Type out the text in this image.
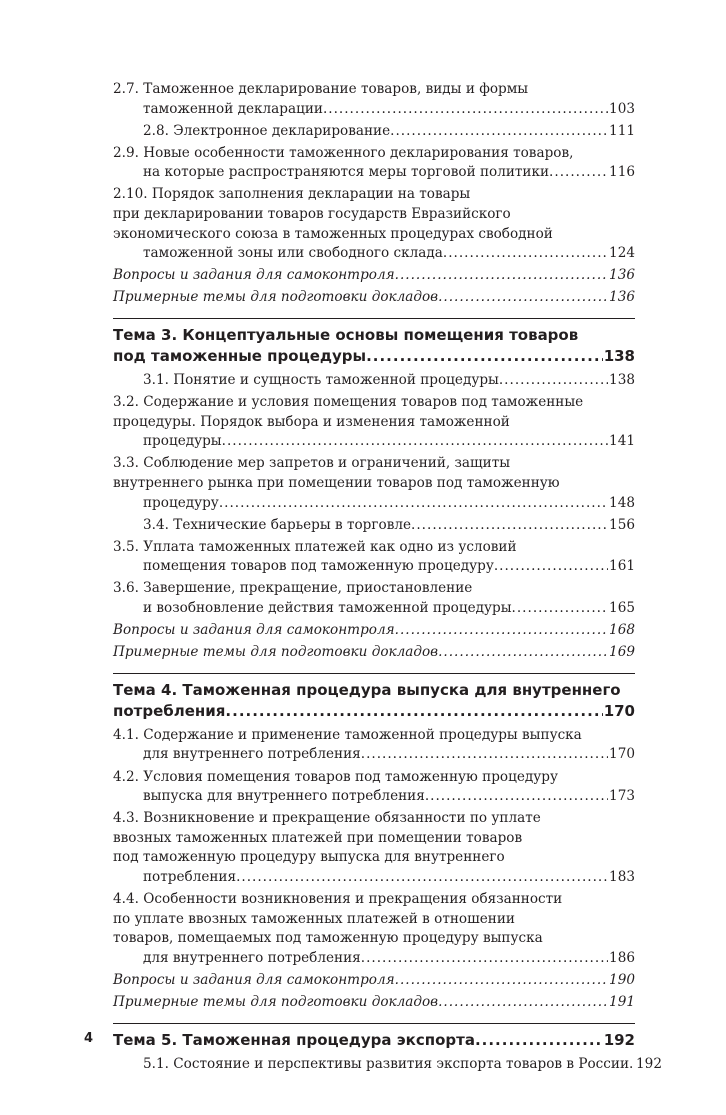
2.7. Таможенное декларирование товаров, виды и формы
таможенной декларации .....	103
2.8. Электронное декларирование .....	111
2.9. Новые особенности таможенного декларирования товаров,
на которые распространяются меры торговой политики .....	116
2.10. Порядок заполнения декларации на товары
при декларировании товаров государств Евразийского
экономического союза в таможенных процедурах свободной
таможенной зоны или свободного склада .....	124
Вопросы и задания для самоконтроля .....	136
Примерные темы для подготовки докладов .....	136
Тема 3. Концептуальные основы помещения товаров
под таможенные процедуры .....	138
3.1. Понятие и сущность таможенной процедуры .....	138
3.2. Содержание и условия помещения товаров под таможенные
процедуры. Порядок выбора и изменения таможенной
процедуры .....	141
3.3. Соблюдение мер запретов и ограничений, защиты
внутреннего рынка при помещении товаров под таможенную
процедуру .....	148
3.4. Технические барьеры в торговле .....	156
3.5. Уплата таможенных платежей как одно из условий
помещения товаров под таможенную процедуру .....	161
3.6. Завершение, прекращение, приостановление
и возобновление действия таможенной процедуры .....	165
Вопросы и задания для самоконтроля .....	168
Примерные темы для подготовки докладов .....	169
Тема 4. Таможенная процедура выпуска для внутреннего
потребления .....	170
4.1. Содержание и применение таможенной процедуры выпуска
для внутреннего потребления .....	170
4.2. Условия помещения товаров под таможенную процедуру
выпуска для внутреннего потребления .....	173
4.3. Возникновение и прекращение обязанности по уплате
ввозных таможенных платежей при помещении товаров
под таможенную процедуру выпуска для внутреннего
потребления .....	183
4.4. Особенности возникновения и прекращения обязанности
по уплате ввозных таможенных платежей в отношении
товаров, помещаемых под таможенную процедуру выпуска
для внутреннего потребления .....	186
Вопросы и задания для самоконтроля .....	190
Примерные темы для подготовки докладов .....	191
Тема 5. Таможенная процедура экспорта .....	192
5.1. Состояние и перспективы развития экспорта товаров в России ..... 192
4
